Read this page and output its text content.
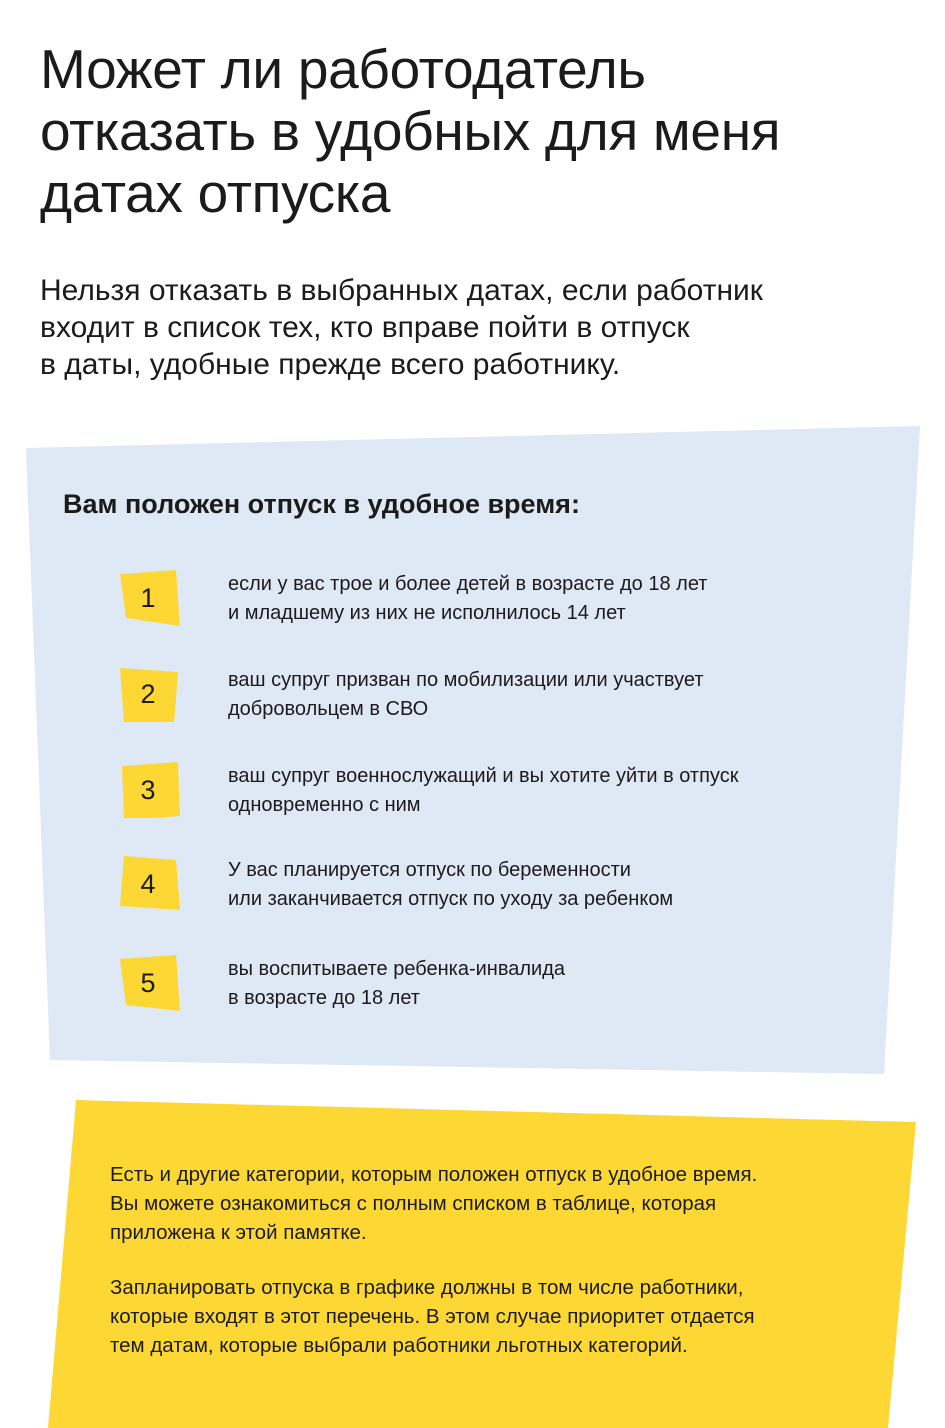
Может ли работодатель
отказать в удобных для меня
датах отпуска

Нельзя отказать в выбранных датах, если работник
входит в список тех, кто вправе пойти в отпуск
в даты, удобные прежде всего работнику.

Вам положен отпуск в удобное время:
1	если у вас трое и более детей в возрасте до 18 лет
и младшему из них не исполнилось 14 лет
2	ваш супруг призван по мобилизации или участвует
добровольцем в СВО
3	ваш супруг военнослужащий и вы хотите уйти в отпуск
одновременно с ним
4	У вас планируется отпуск по беременности
или заканчивается отпуск по уходу за ребенком
5	вы воспитываете ребенка-инвалида
в возрасте до 18 лет

Есть и другие категории, которым положен отпуск в удобное время.
Вы можете ознакомиться с полным списком в таблице, которая
приложена к этой памятке.

Запланировать отпуска в графике должны в том числе работники,
которые входят в этот перечень. В этом случае приоритет отдается
тем датам, которые выбрали работники льготных категорий.
